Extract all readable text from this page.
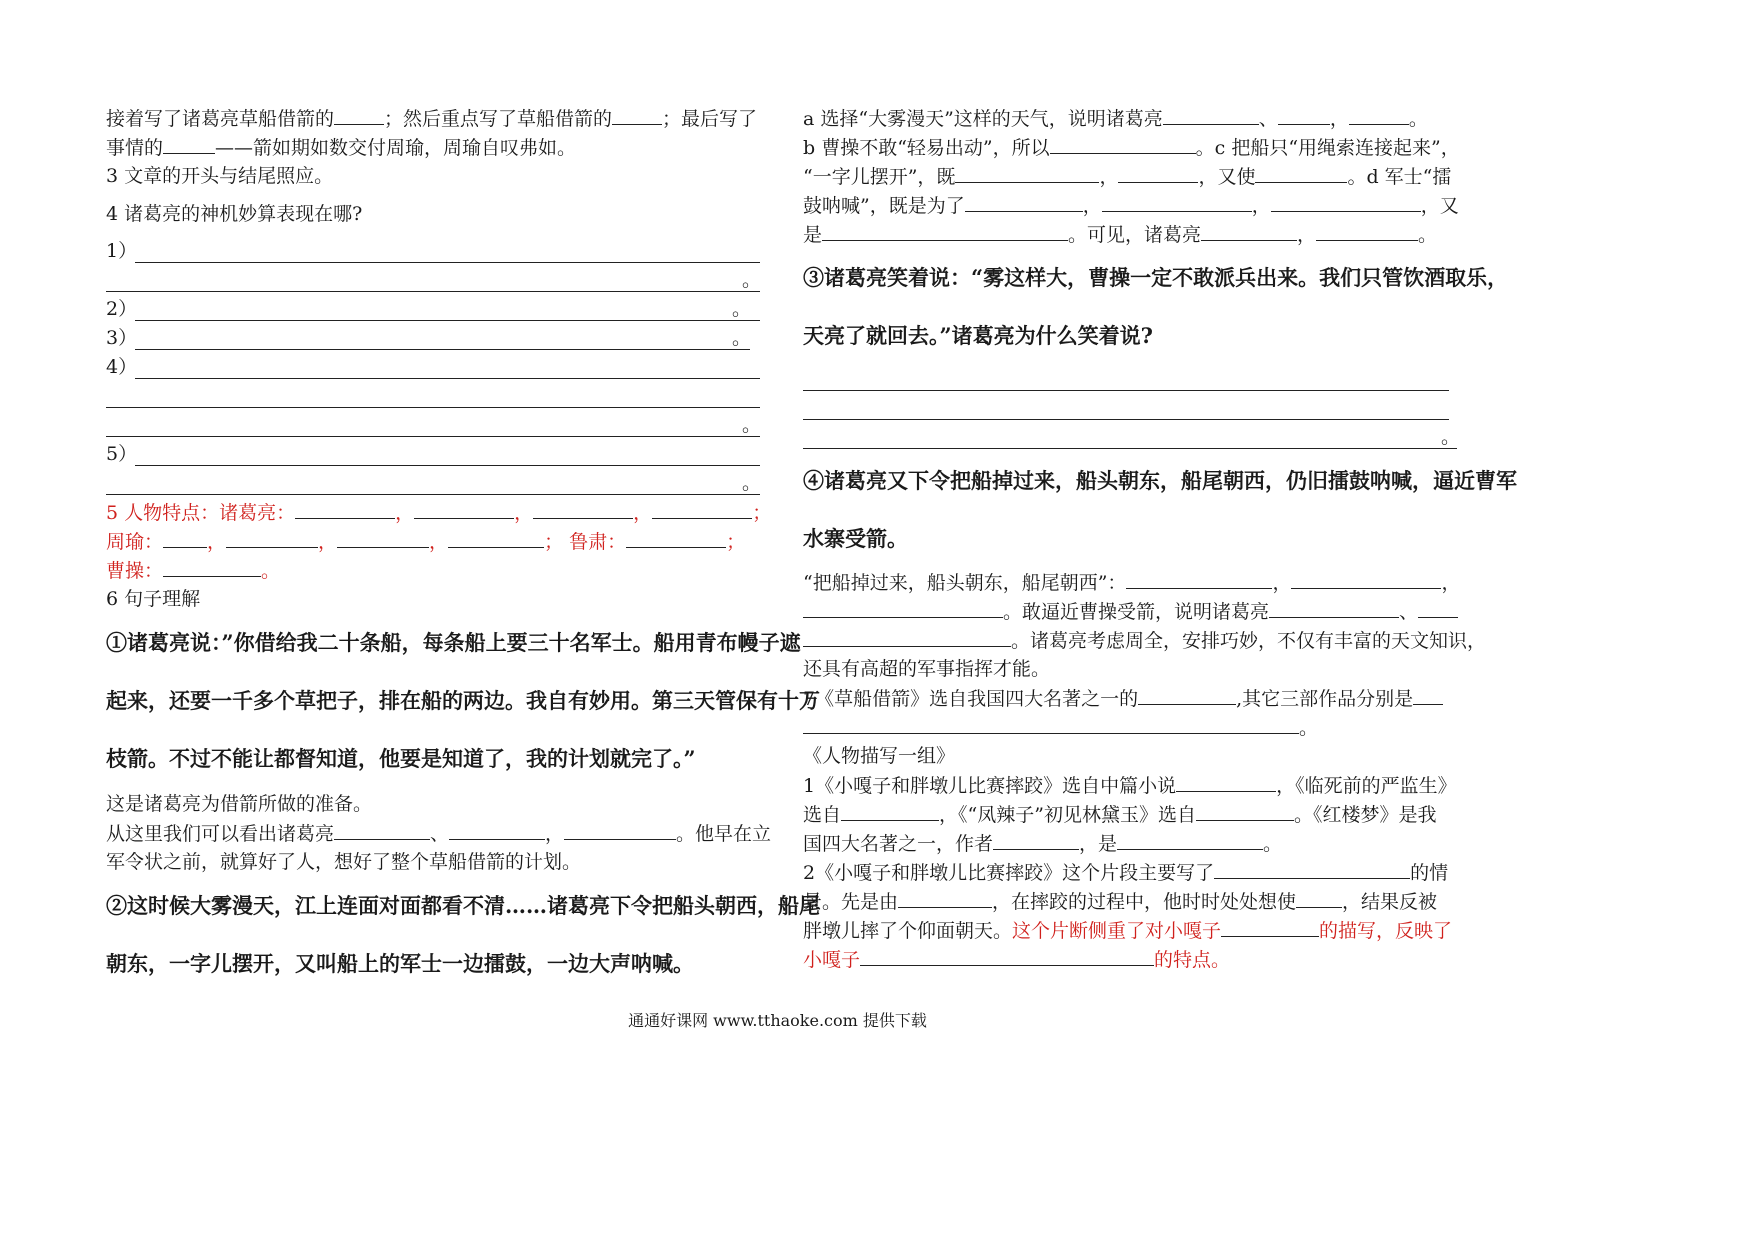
接着写了诸葛亮草船借箭的	；然后重点写了草船借箭的	；最后写了
事情的	——箭如期如数交付周瑜，周瑜自叹弗如。
3 文章的开头与结尾照应。
4 诸葛亮的神机妙算表现在哪?
1）
。
2）	。
3）	。
4）
。
5）
。
5 人物特点：诸葛亮：	，	，	，	；
周瑜： ，	，	，	； 鲁肃：	；
曹操：	。
6 句子理解
①诸葛亮说：”你借给我二十条船，每条船上要三十名军士。船用青布幔子遮
起来，还要一千多个草把子，排在船的两边。我自有妙用。第三天管保有十万
枝箭。不过不能让都督知道，他要是知道了，我的计划就完了。”
这是诸葛亮为借箭所做的准备。
从这里我们可以看出诸葛亮	、	，	。他早在立
军令状之前，就算好了人，想好了整个草船借箭的计划。
②这时候大雾漫天，江上连面对面都看不清……诸葛亮下令把船头朝西，船尾
朝东，一字儿摆开，又叫船上的军士一边擂鼓，一边大声呐喊。
a 选择“大雾漫天”这样的天气，说明诸葛亮	、	，	。
b 曹操不敢“轻易出动”，所以	。c 把船只“用绳索连接起来”，
“一字儿摆开”，既	，	，又使	。d 军士“擂
鼓呐喊”，既是为了	，	，	，又
是	。可见，诸葛亮	，	。
③诸葛亮笑着说：“雾这样大，曹操一定不敢派兵出来。我们只管饮酒取乐，
天亮了就回去。”诸葛亮为什么笑着说?
。
④诸葛亮又下令把船掉过来，船头朝东，船尾朝西，仍旧擂鼓呐喊，逼近曹军
水寨受箭。
“把船掉过来，船头朝东，船尾朝西”：	，	，
。敢逼近曹操受箭，说明诸葛亮	、
。诸葛亮考虑周全，安排巧妙，不仅有丰富的天文知识，
还具有高超的军事指挥才能。
7《草船借箭》选自我国四大名著之一的	,其它三部作品分别是
。
《人物描写一组》
1《小嘎子和胖墩儿比赛摔跤》选自中篇小说	，《临死前的严监生》
选自	，《“凤辣子”初见林黛玉》选自	。《红楼梦》是我
国四大名著之一，作者	，是	。
2《小嘎子和胖墩儿比赛摔跤》这个片段主要写了	的情
景。先是由	，在摔跤的过程中，他时时处处想使 ，结果反被
胖墩儿摔了个仰面朝天。这个片断侧重了对小嘎子	的描写，反映了
小嘎子	的特点。
通通好课网 www.tthaoke.com 提供下载
